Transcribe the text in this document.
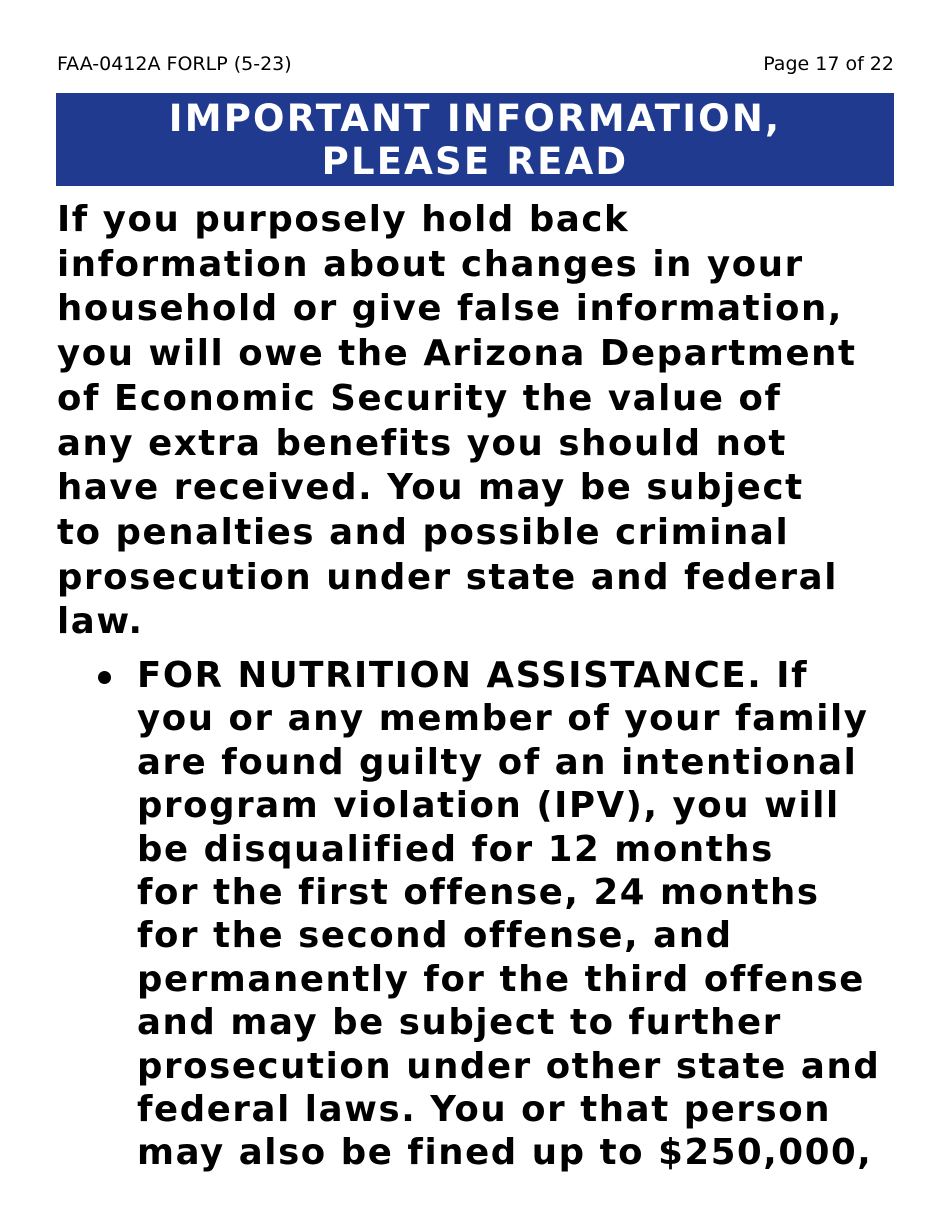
FAA-0412A FORLP (5-23)	Page 17 of 22
IMPORTANT INFORMATION,
PLEASE READ
If you purposely hold back
information about changes in your
household or give false information,
you will owe the Arizona Department
of Economic Security the value of
any extra benefits you should not
have received. You may be subject
to penalties and possible criminal
prosecution under state and federal
law.
FOR NUTRITION ASSISTANCE. If
you or any member of your family
are found guilty of an intentional
program violation (IPV), you will
be disqualified for 12 months
for the first offense, 24 months
for the second offense, and
permanently for the third offense
and may be subject to further
prosecution under other state and
federal laws. You or that person
may also be fined up to $250,000,
